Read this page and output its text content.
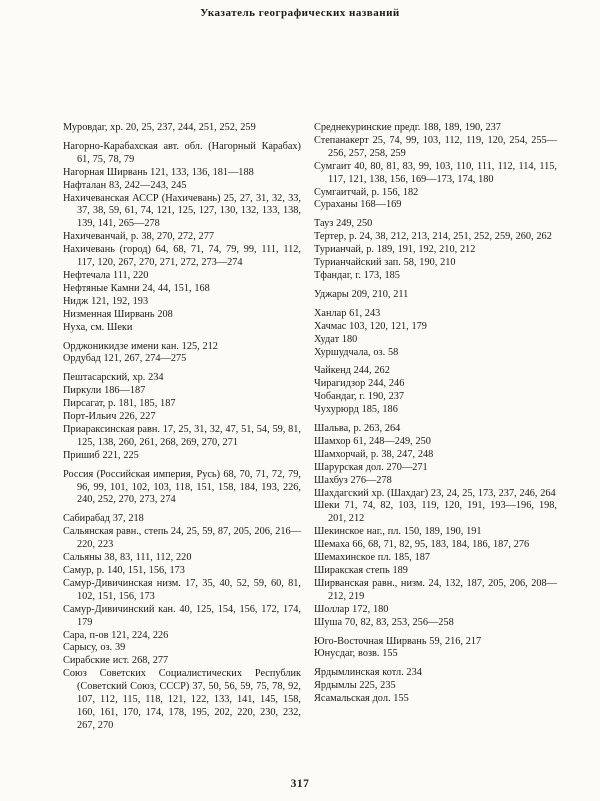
Указатель географических названий

Муровдаг, хр. 20, 25, 237, 244, 251, 252, 259

Нагорно-Карабахская авт. обл. (Нагорный Карабах) 61, 75, 78, 79

Нагорная Ширвань 121, 133, 136, 181—188

Нафталан 83, 242—243, 245

Нахичеванская АССР (Нахичевань) 25, 27, 31, 32, 33, 37, 38, 59, 61, 74, 121, 125, 127, 130, 132, 133, 138, 139, 141, 265—278

Нахичеванчай, р. 38, 270, 272, 277

Нахичевань (город) 64, 68, 71, 74, 79, 99, 111, 112, 117, 120, 267, 270, 271, 272, 273—274

Нефтечала 111, 220

Нефтяные Камни 24, 44, 151, 168

Нидж 121, 192, 193

Низменная Ширвань 208

Нуха, см. Шеки

Орджоникидзе имени кан. 125, 212

Ордубад 121, 267, 274—275

Пештасарский, хр. 234

Пиркули 186—187

Пирсагат, р. 181, 185, 187

Порт-Ильич 226, 227

Приараксинская равн. 17, 25, 31, 32, 47, 51, 54, 59, 81, 125, 138, 260, 261, 268, 269, 270, 271

Пришиб 221, 225

Россия (Российская империя, Русь) 68, 70, 71, 72, 79, 96, 99, 101, 102, 103, 118, 151, 158, 184, 193, 226, 240, 252, 270, 273, 274

Сабирабад 37, 218

Сальянская равн., степь 24, 25, 59, 87, 205, 206, 216—220, 223

Сальяны 38, 83, 111, 112, 220

Самур, р. 140, 151, 156, 173

Самур-Дивичинская низм. 17, 35, 40, 52, 59, 60, 81, 102, 151, 156, 173

Самур-Дивичинский кан. 40, 125, 154, 156, 172, 174, 179

Сара, п-ов 121, 224, 226

Сарысу, оз. 39

Сирабские ист. 268, 277

Союз Советских Социалистических Республик (Советский Союз, СССР) 37, 50, 56, 59, 75, 78, 92, 107, 112, 115, 118, 121, 122, 133, 141, 145, 158, 160, 161, 170, 174, 178, 195, 202, 220, 230, 232, 267, 270

Среднекуринские предг. 188, 189, 190, 237

Степанакерт 25, 74, 99, 103, 112, 119, 120, 254, 255—256, 257, 258, 259

Сумгаит 40, 80, 81, 83, 99, 103, 110, 111, 112, 114, 115, 117, 121, 138, 156, 169—173, 174, 180

Сумгаитчай, р. 156, 182

Сураханы 168—169

Тауз 249, 250

Тертер, р. 24, 38, 212, 213, 214, 251, 252, 259, 260, 262

Турианчай, р. 189, 191, 192, 210, 212

Турианчайский зап. 58, 190, 210

Тфандаг, г. 173, 185

Уджары 209, 210, 211

Ханлар 61, 243

Хачмас 103, 120, 121, 179

Худат 180

Хуршудчала, оз. 58

Чайкенд 244, 262

Чирагидзор 244, 246

Чобандаг, г. 190, 237

Чухурюрд 185, 186

Шальва, р. 263, 264

Шамхор 61, 248—249, 250

Шамхорчай, р. 38, 247, 248

Шарурская дол. 270—271

Шахбуз 276—278

Шахдагский хр. (Шахдаг) 23, 24, 25, 173, 237, 246, 264

Шеки 71, 74, 82, 103, 119, 120, 191, 193—196, 198, 201, 212

Шекинское наг., пл. 150, 189, 190, 191

Шемаха 66, 68, 71, 82, 95, 183, 184, 186, 187, 276

Шемахинское пл. 185, 187

Ширакская степь 189

Ширванская равн., низм. 24, 132, 187, 205, 206, 208—212, 219

Шоллар 172, 180

Шуша 70, 82, 83, 253, 256—258

Юго-Восточная Ширвань 59, 216, 217

Юнусдаг, возв. 155

Ярдымлинская котл. 234

Ярдымлы 225, 235

Ясамальская дол. 155

317
